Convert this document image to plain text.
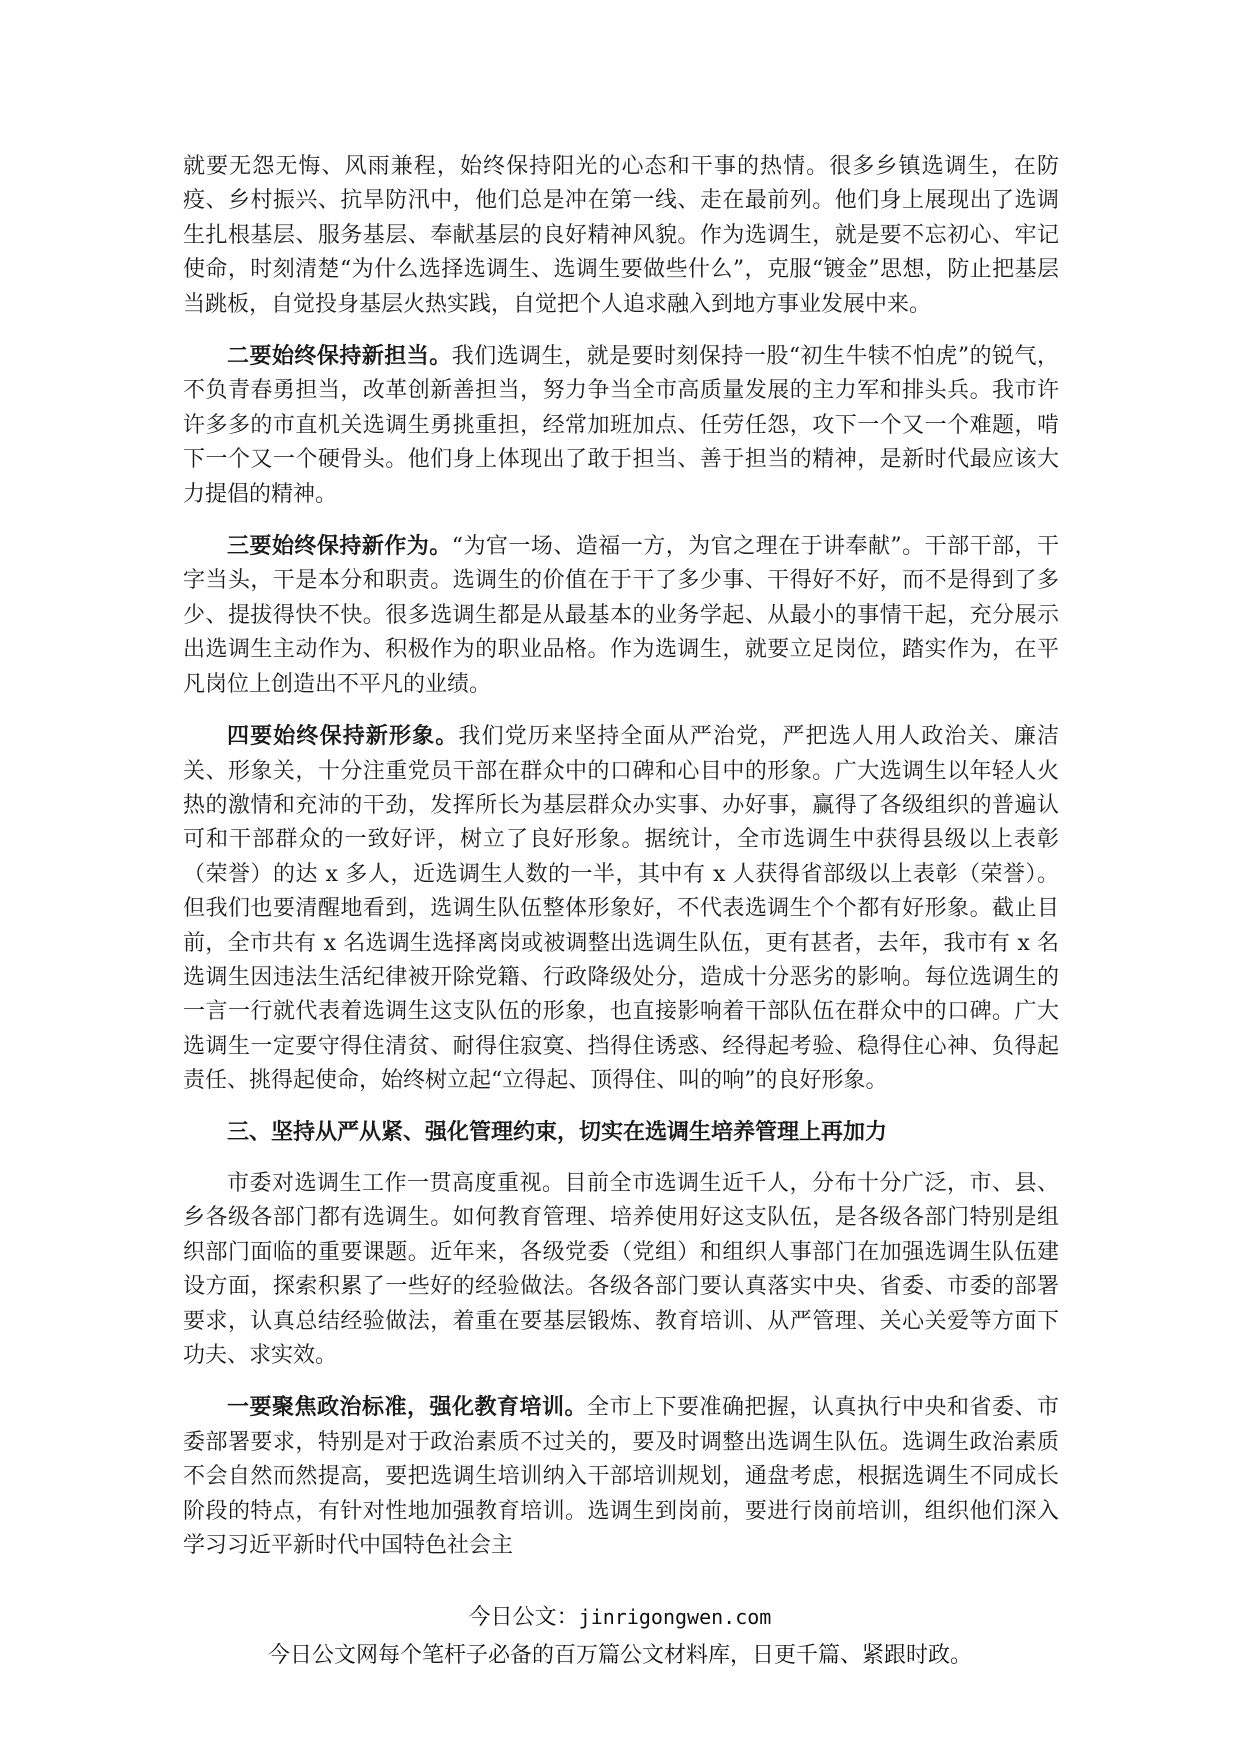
就要无怨无悔、风雨兼程，始终保持阳光的心态和干事的热情。很多乡镇选调生，在防疫、乡村振兴、抗旱防汛中，他们总是冲在第一线、走在最前列。他们身上展现出了选调生扎根基层、服务基层、奉献基层的良好精神风貌。作为选调生，就是要不忘初心、牢记使命，时刻清楚“为什么选择选调生、选调生要做些什么”，克服“镀金”思想，防止把基层当跳板，自觉投身基层火热实践，自觉把个人追求融入到地方事业发展中来。

二要始终保持新担当。我们选调生，就是要时刻保持一股“初生牛犊不怕虎”的锐气，不负青春勇担当，改革创新善担当，努力争当全市高质量发展的主力军和排头兵。我市许许多多的市直机关选调生勇挑重担，经常加班加点、任劳任怨，攻下一个又一个难题，啃下一个又一个硬骨头。他们身上体现出了敢于担当、善于担当的精神，是新时代最应该大力提倡的精神。

三要始终保持新作为。“为官一场、造福一方，为官之理在于讲奉献”。干部干部，干字当头，干是本分和职责。选调生的价值在于干了多少事、干得好不好，而不是得到了多少、提拔得快不快。很多选调生都是从最基本的业务学起、从最小的事情干起，充分展示出选调生主动作为、积极作为的职业品格。作为选调生，就要立足岗位，踏实作为，在平凡岗位上创造出不平凡的业绩。

四要始终保持新形象。我们党历来坚持全面从严治党，严把选人用人政治关、廉洁关、形象关，十分注重党员干部在群众中的口碑和心目中的形象。广大选调生以年轻人火热的激情和充沛的干劲，发挥所长为基层群众办实事、办好事，赢得了各级组织的普遍认可和干部群众的一致好评，树立了良好形象。据统计，全市选调生中获得县级以上表彰（荣誉）的达 x 多人，近选调生人数的一半，其中有 x 人获得省部级以上表彰（荣誉）。但我们也要清醒地看到，选调生队伍整体形象好，不代表选调生个个都有好形象。截止目前，全市共有 x 名选调生选择离岗或被调整出选调生队伍，更有甚者，去年，我市有 x 名选调生因违法生活纪律被开除党籍、行政降级处分，造成十分恶劣的影响。每位选调生的一言一行就代表着选调生这支队伍的形象，也直接影响着干部队伍在群众中的口碑。广大选调生一定要守得住清贫、耐得住寂寞、挡得住诱惑、经得起考验、稳得住心神、负得起责任、挑得起使命，始终树立起“立得起、顶得住、叫的响”的良好形象。

三、坚持从严从紧、强化管理约束，切实在选调生培养管理上再加力

市委对选调生工作一贯高度重视。目前全市选调生近千人，分布十分广泛，市、县、乡各级各部门都有选调生。如何教育管理、培养使用好这支队伍，是各级各部门特别是组织部门面临的重要课题。近年来，各级党委（党组）和组织人事部门在加强选调生队伍建设方面，探索积累了一些好的经验做法。各级各部门要认真落实中央、省委、市委的部署要求，认真总结经验做法，着重在要基层锻炼、教育培训、从严管理、关心关爱等方面下功夫、求实效。

一要聚焦政治标准，强化教育培训。全市上下要准确把握，认真执行中央和省委、市委部署要求，特别是对于政治素质不过关的，要及时调整出选调生队伍。选调生政治素质不会自然而然提高，要把选调生培训纳入干部培训规划，通盘考虑，根据选调生不同成长阶段的特点，有针对性地加强教育培训。选调生到岗前，要进行岗前培训，组织他们深入学习习近平新时代中国特色社会主

今日公文：jinrigongwen.com
今日公文网每个笔杆子必备的百万篇公文材料库，日更千篇、紧跟时政。
